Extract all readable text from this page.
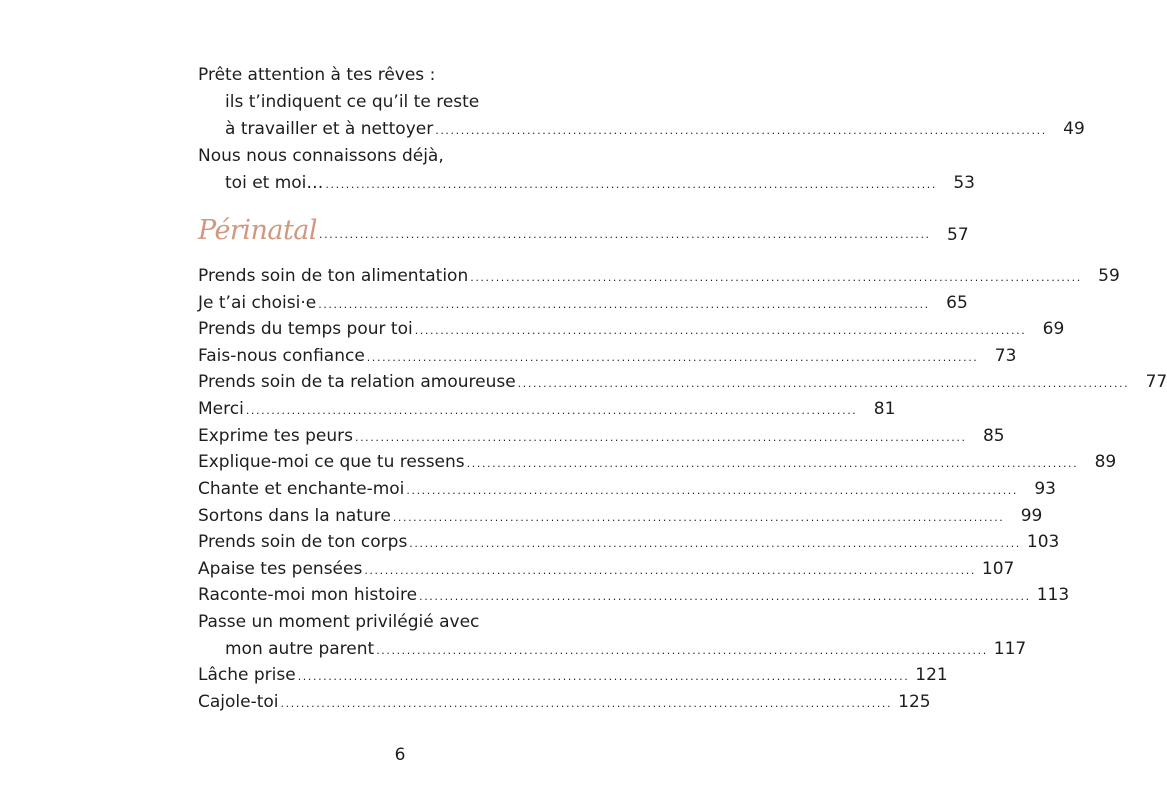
Prête attention à tes rêves :
ils t’indiquent ce qu’il te reste
à travailler et à nettoyer ........................................................................................................................ 49
Nous nous connaissons déjà,
toi et moi… ........................................................................................................................ 53
Périnatal ........................................................................................................................ 57
Prends soin de ton alimentation ........................................................................................................................ 59
Je t’ai choisi·e ........................................................................................................................ 65
Prends du temps pour toi ........................................................................................................................ 69
Fais-nous confiance ........................................................................................................................ 73
Prends soin de ta relation amoureuse ........................................................................................................................ 77
Merci ........................................................................................................................ 81
Exprime tes peurs ........................................................................................................................ 85
Explique-moi ce que tu ressens ........................................................................................................................ 89
Chante et enchante-moi ........................................................................................................................ 93
Sortons dans la nature ........................................................................................................................ 99
Prends soin de ton corps ........................................................................................................................ 103
Apaise tes pensées ........................................................................................................................ 107
Raconte-moi mon histoire ........................................................................................................................ 113
Passe un moment privilégié avec
mon autre parent ........................................................................................................................ 117
Lâche prise ........................................................................................................................ 121
Cajole-toi ........................................................................................................................ 125
6
